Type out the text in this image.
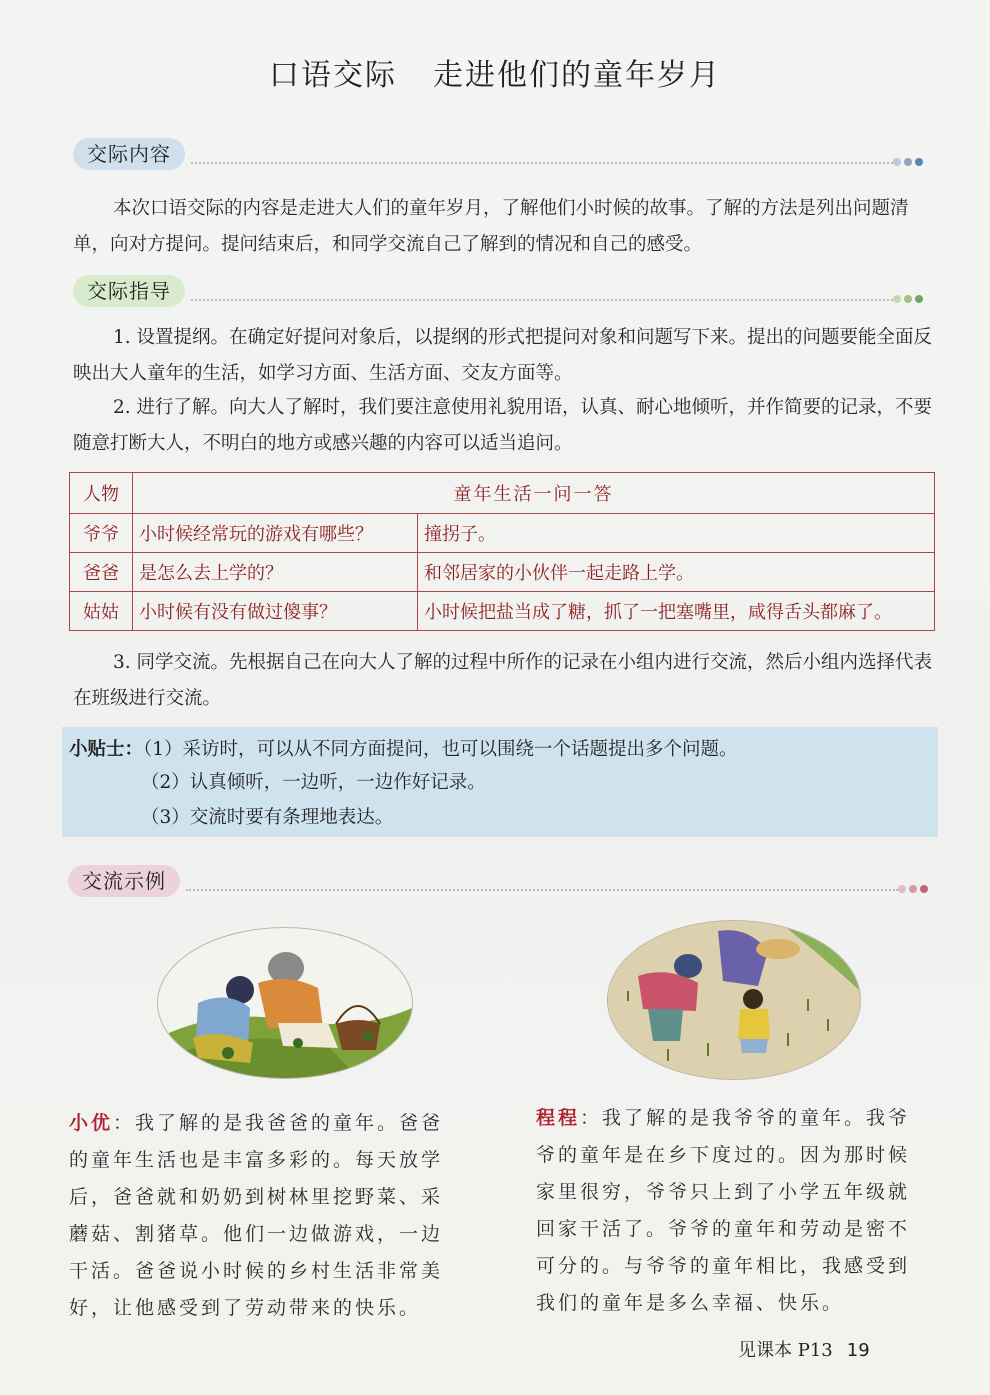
口语交际 走进他们的童年岁月
交际内容
本次口语交际的内容是走进大人们的童年岁月，了解他们小时候的故事。了解的方法是列出问题清单，向对方提问。提问结束后，和同学交流自己了解到的情况和自己的感受。
交际指导
1. 设置提纲。在确定好提问对象后，以提纲的形式把提问对象和问题写下来。提出的问题要能全面反映出大人童年的生活，如学习方面、生活方面、交友方面等。
2. 进行了解。向大人了解时，我们要注意使用礼貌用语，认真、耐心地倾听，并作简要的记录，不要随意打断大人，不明白的地方或感兴趣的内容可以适当追问。
人物	童年生活一问一答	
爷爷	小时候经常玩的游戏有哪些？	撞拐子。
爸爸	是怎么去上学的？	和邻居家的小伙伴一起走路上学。
姑姑	小时候有没有做过傻事？	小时候把盐当成了糖，抓了一把塞嘴里，咸得舌头都麻了。
3. 同学交流。先根据自己在向大人了解的过程中所作的记录在小组内进行交流，然后小组内选择代表在班级进行交流。
小贴士：（1）采访时，可以从不同方面提问，也可以围绕一个话题提出多个问题。
（2）认真倾听，一边听，一边作好记录。
（3）交流时要有条理地表达。
交流示例
小优：我了解的是我爸爸的童年。爸爸
的童年生活也是丰富多彩的。每天放学
后，爸爸就和奶奶到树林里挖野菜、采
蘑菇、割猪草。他们一边做游戏，一边
干活。爸爸说小时候的乡村生活非常美
好，让他感受到了劳动带来的快乐。
程程：我了解的是我爷爷的童年。我爷
爷的童年是在乡下度过的。因为那时候
家里很穷，爷爷只上到了小学五年级就
回家干活了。爷爷的童年和劳动是密不
可分的。与爷爷的童年相比，我感受到
我们的童年是多么幸福、快乐。
见课本 P13 19
